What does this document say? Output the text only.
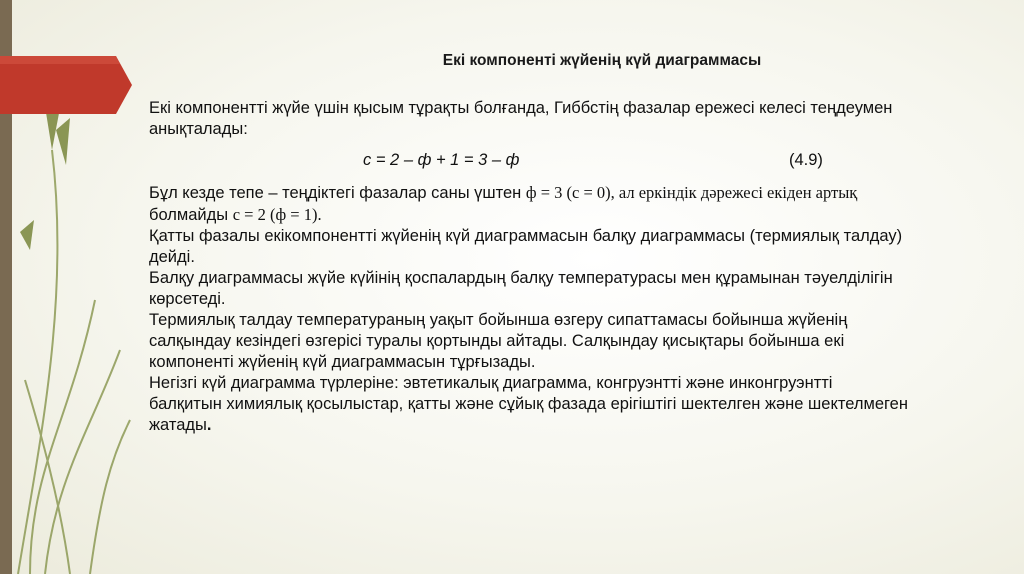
Екі компоненті жүйенің күй диаграммасы
Екі компонентті жүйе үшін қысым тұрақты болғанда, Гиббстің фазалар ережесі келесі теңдеумен
анықталады:
с = 2 – ф + 1 = 3 – ф	(4.9)
Бұл кезде тепе – теңдіктегі фазалар саны үштен ф = 3 (с = 0), ал еркіндік дәрежесі екіден артық
болмайды с = 2 (ф = 1).
Қатты фазалы екікомпонентті жүйенің күй диаграммасын балқу диаграммасы (термиялық талдау)
дейді.
Балқу диаграммасы жүйе күйінің қоспалардың балқу температурасы мен құрамынан тәуелділігін
көрсетеді.
Термиялық талдау температураның уақыт бойынша өзгеру сипаттамасы бойынша жүйенің
салқындау кезіндегі өзгерісі туралы қортынды айтады. Салқындау қисықтары бойынша екі
компоненті жүйенің күй диаграммасын тұрғызады.
Негізгі күй диаграмма түрлеріне: эвтетикалық диаграмма, конгруэнтті және инконгруэнтті
балқитын химиялық қосылыстар, қатты және сұйық фазада ерігіштігі шектелген және шектелмеген
жатады.
